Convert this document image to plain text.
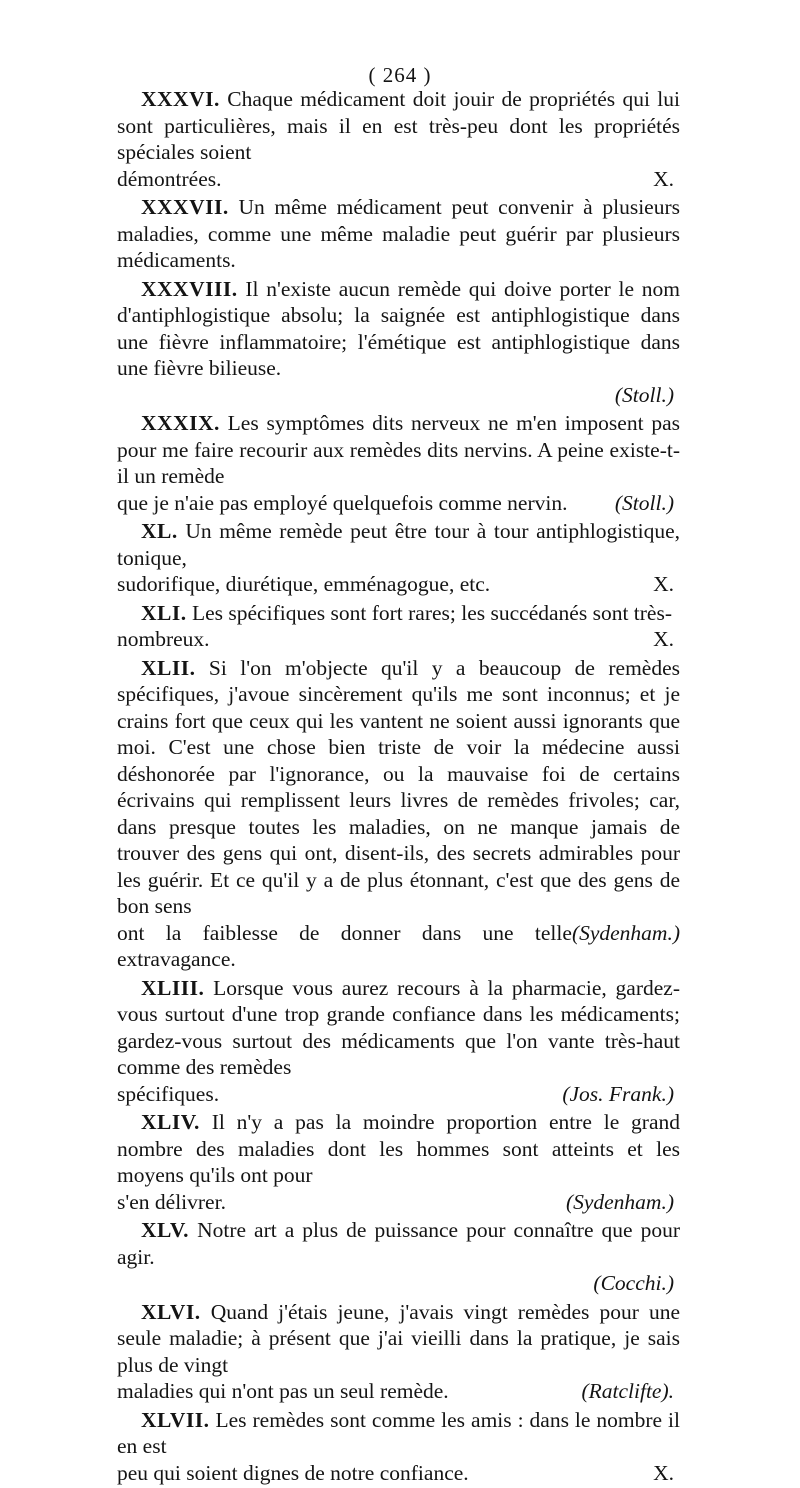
( 264 )

XXXVI. Chaque médicament doit jouir de propriétés qui lui sont particulières, mais il en est très-peu dont les propriétés spéciales soient
démontrées.	X.

XXXVII. Un même médicament peut convenir à plusieurs maladies, comme une même maladie peut guérir par plusieurs médicaments.

XXXVIII. Il n'existe aucun remède qui doive porter le nom d'antiphlogistique absolu; la saignée est antiphlogistique dans une fièvre inflammatoire; l'émétique est antiphlogistique dans une fièvre bilieuse.
(Stoll.)

XXXIX. Les symptômes dits nerveux ne m'en imposent pas pour me faire recourir aux remèdes dits nervins. A peine existe-t-il un remède
que je n'aie pas employé quelquefois comme nervin. (Stoll.)

XL. Un même remède peut être tour à tour antiphlogistique, tonique,
sudorifique, diurétique, emménagogue, etc.	X.

XLI. Les spécifiques sont fort rares; les succédanés sont très-
nombreux.	X.

XLII. Si l'on m'objecte qu'il y a beaucoup de remèdes spécifiques, j'avoue sincèrement qu'ils me sont inconnus; et je crains fort que ceux qui les vantent ne soient aussi ignorants que moi. C'est une chose bien triste de voir la médecine aussi déshonorée par l'ignorance, ou la mauvaise foi de certains écrivains qui remplissent leurs livres de remèdes frivoles; car, dans presque toutes les maladies, on ne manque jamais de trouver des gens qui ont, disent-ils, des secrets admirables pour les guérir. Et ce qu'il y a de plus étonnant, c'est que des gens de bon sens
ont la faiblesse de donner dans une telle extravagance.
(Sydenham.)

XLIII. Lorsque vous aurez recours à la pharmacie, gardez-vous surtout d'une trop grande confiance dans les médicaments; gardez-vous surtout des médicaments que l'on vante très-haut comme des remèdes
spécifiques.	(Jos. Frank.)

XLIV. Il n'y a pas la moindre proportion entre le grand nombre des maladies dont les hommes sont atteints et les moyens qu'ils ont pour
s'en délivrer.	(Sydenham.)

XLV. Notre art a plus de puissance pour connaître que pour agir.
(Cocchi.)

XLVI. Quand j'étais jeune, j'avais vingt remèdes pour une seule maladie; à présent que j'ai vieilli dans la pratique, je sais plus de vingt
maladies qui n'ont pas un seul remède.	(Ratclifte).

XLVII. Les remèdes sont comme les amis : dans le nombre il en est
peu qui soient dignes de notre confiance.	X.
